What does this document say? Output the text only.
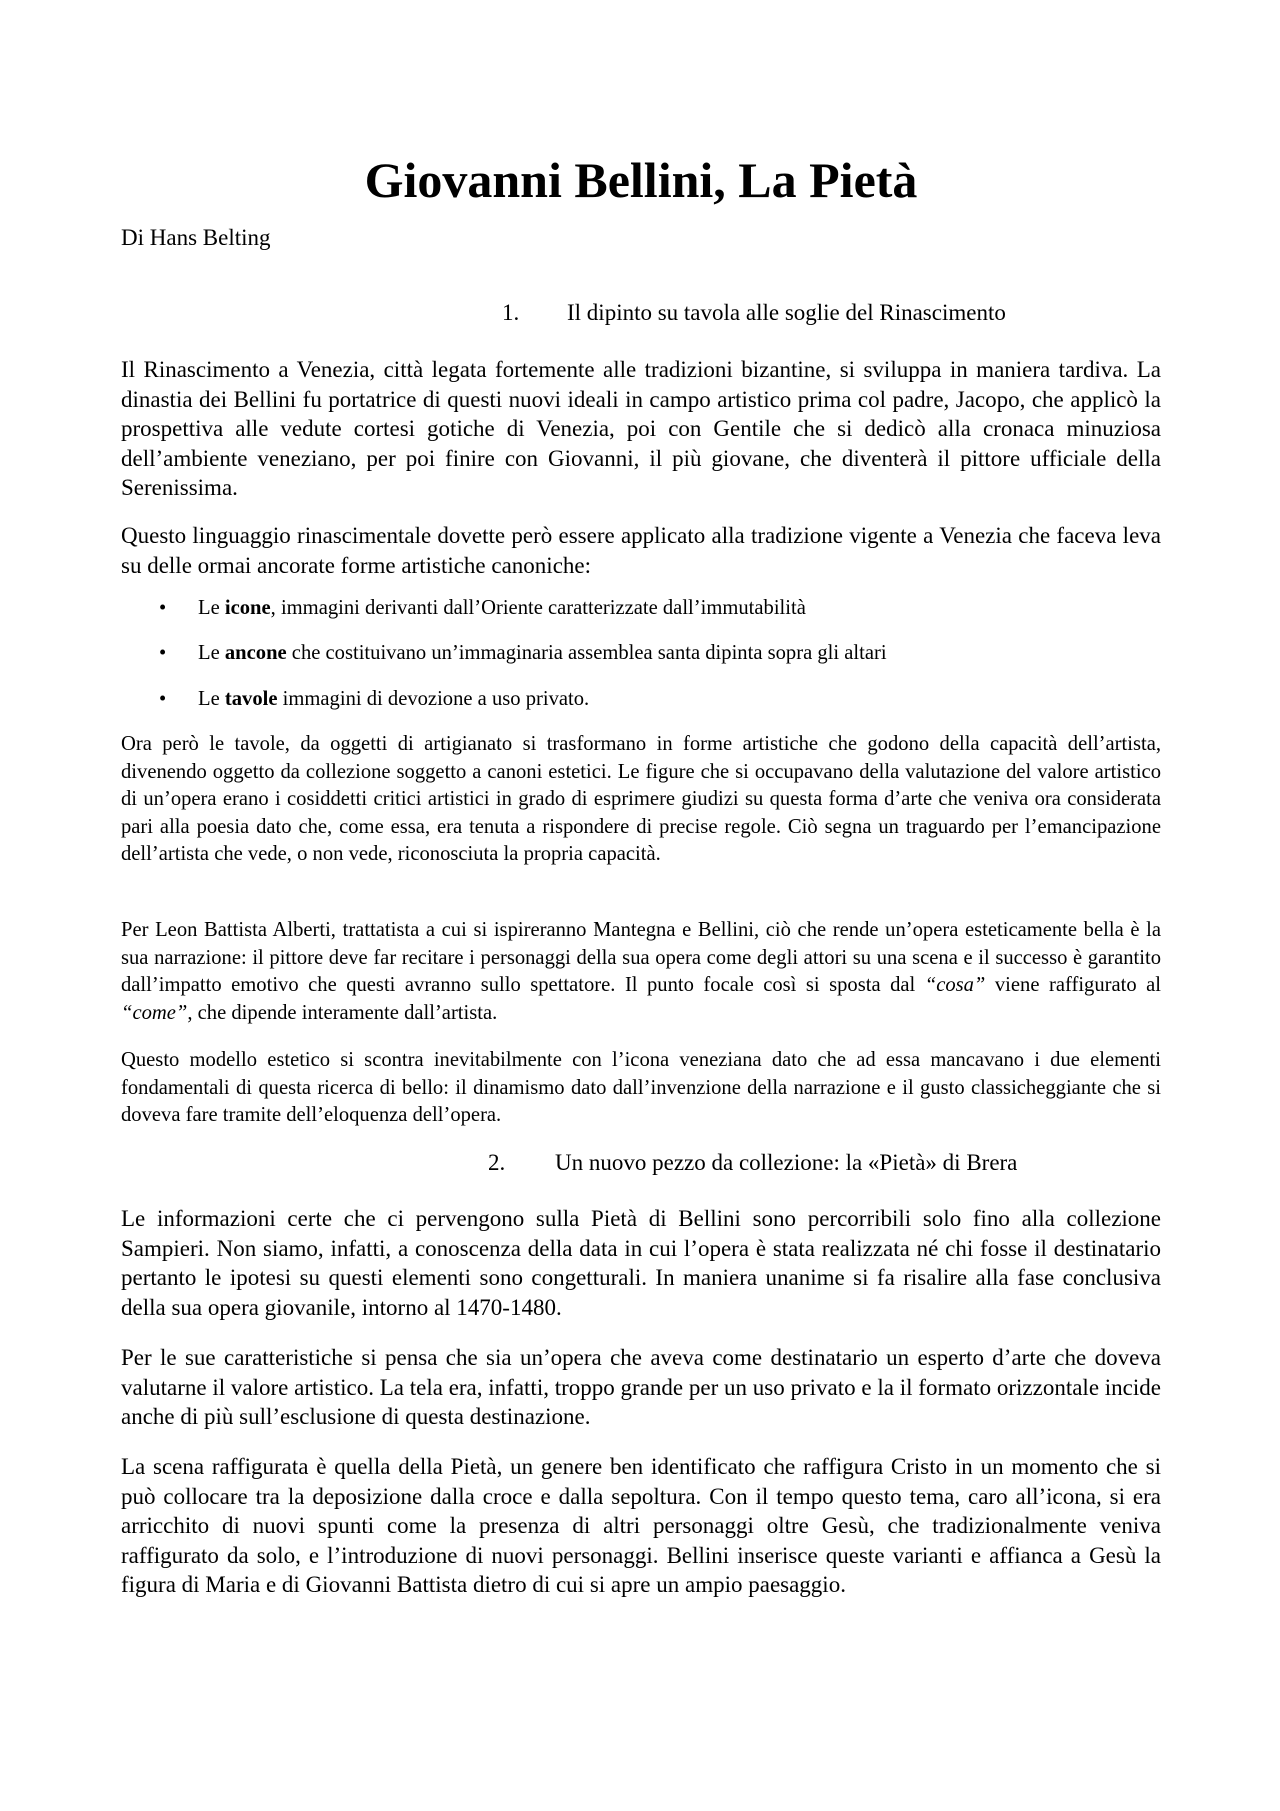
Giovanni Bellini, La Pietà

Di Hans Belting

1. Il dipinto su tavola alle soglie del Rinascimento

Il Rinascimento a Venezia, città legata fortemente alle tradizioni bizantine, si sviluppa in maniera tardiva. La dinastia dei Bellini fu portatrice di questi nuovi ideali in campo artistico prima col padre, Jacopo, che applicò la prospettiva alle vedute cortesi gotiche di Venezia, poi con Gentile che si dedicò alla cronaca minuziosa dell’ambiente veneziano, per poi finire con Giovanni, il più giovane, che diventerà il pittore ufficiale della Serenissima.

Questo linguaggio rinascimentale dovette però essere applicato alla tradizione vigente a Venezia che faceva leva su delle ormai ancorate forme artistiche canoniche:

• Le icone, immagini derivanti dall’Oriente caratterizzate dall’immutabilità
• Le ancone che costituivano un’immaginaria assemblea santa dipinta sopra gli altari
• Le tavole immagini di devozione a uso privato.

Ora però le tavole, da oggetti di artigianato si trasformano in forme artistiche che godono della capacità dell’artista, divenendo oggetto da collezione soggetto a canoni estetici. Le figure che si occupavano della valutazione del valore artistico di un’opera erano i cosiddetti critici artistici in grado di esprimere giudizi su questa forma d’arte che veniva ora considerata pari alla poesia dato che, come essa, era tenuta a rispondere di precise regole. Ciò segna un traguardo per l’emancipazione dell’artista che vede, o non vede, riconosciuta la propria capacità.

Per Leon Battista Alberti, trattatista a cui si ispireranno Mantegna e Bellini, ciò che rende un’opera esteticamente bella è la sua narrazione: il pittore deve far recitare i personaggi della sua opera come degli attori su una scena e il successo è garantito dall’impatto emotivo che questi avranno sullo spettatore. Il punto focale così si sposta dal “cosa” viene raffigurato al “come”, che dipende interamente dall’artista.

Questo modello estetico si scontra inevitabilmente con l’icona veneziana dato che ad essa mancavano i due elementi fondamentali di questa ricerca di bello: il dinamismo dato dall’invenzione della narrazione e il gusto classicheggiante che si doveva fare tramite dell’eloquenza dell’opera.

2. Un nuovo pezzo da collezione: la «Pietà» di Brera

Le informazioni certe che ci pervengono sulla Pietà di Bellini sono percorribili solo fino alla collezione Sampieri. Non siamo, infatti, a conoscenza della data in cui l’opera è stata realizzata né chi fosse il destinatario pertanto le ipotesi su questi elementi sono congetturali. In maniera unanime si fa risalire alla fase conclusiva della sua opera giovanile, intorno al 1470-1480.

Per le sue caratteristiche si pensa che sia un’opera che aveva come destinatario un esperto d’arte che doveva valutarne il valore artistico. La tela era, infatti, troppo grande per un uso privato e la il formato orizzontale incide anche di più sull’esclusione di questa destinazione.

La scena raffigurata è quella della Pietà, un genere ben identificato che raffigura Cristo in un momento che si può collocare tra la deposizione dalla croce e dalla sepoltura. Con il tempo questo tema, caro all’icona, si era arricchito di nuovi spunti come la presenza di altri personaggi oltre Gesù, che tradizionalmente veniva raffigurato da solo, e l’introduzione di nuovi personaggi. Bellini inserisce queste varianti e affianca a Gesù la figura di Maria e di Giovanni Battista dietro di cui si apre un ampio paesaggio.
